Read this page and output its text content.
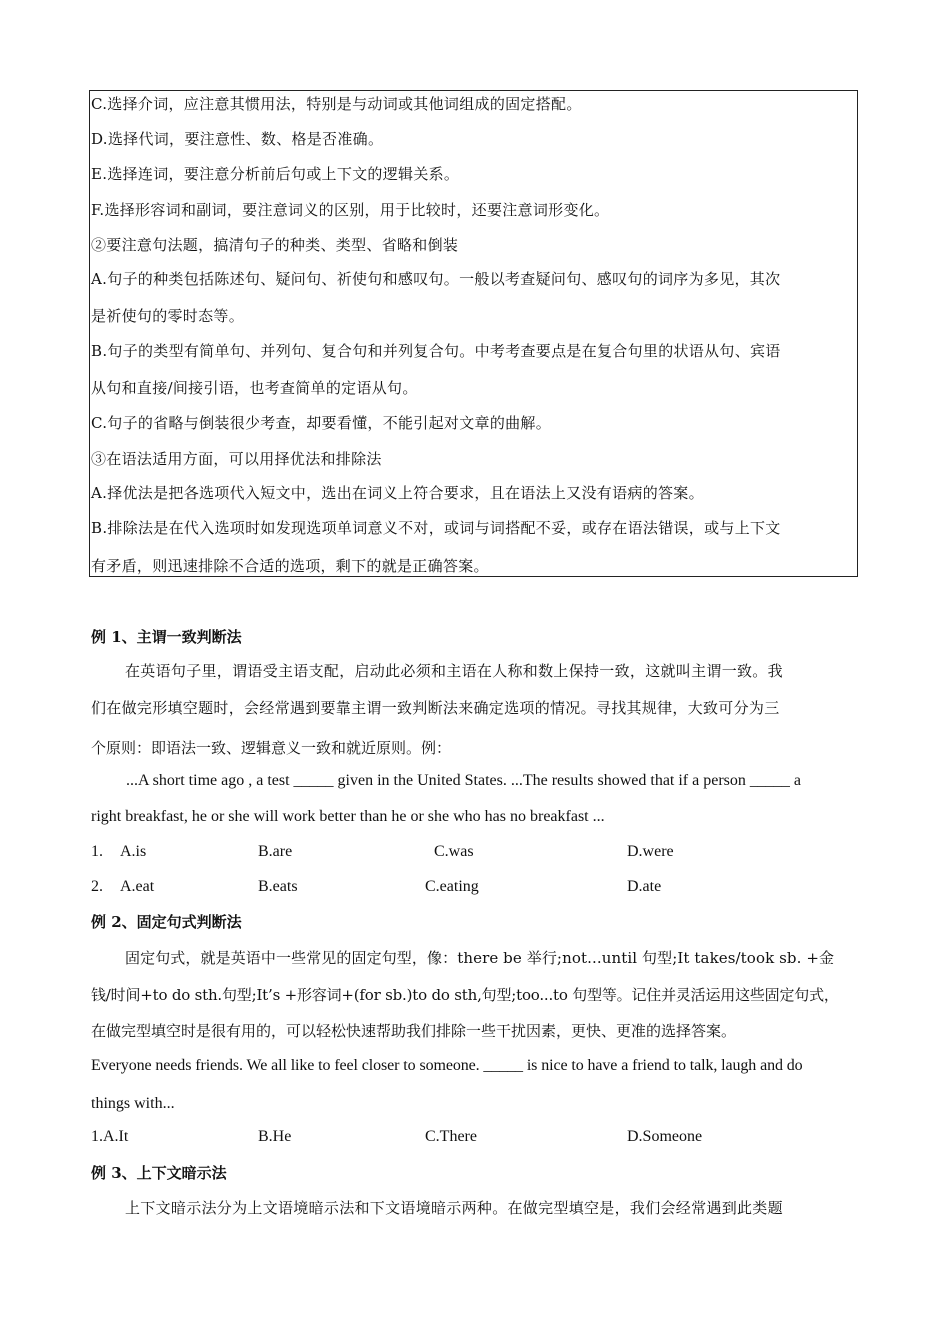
C.选择介词，应注意其惯用法，特别是与动词或其他词组成的固定搭配。
D.选择代词，要注意性、数、格是否准确。
E.选择连词，要注意分析前后句或上下文的逻辑关系。
F.选择形容词和副词，要注意词义的区别，用于比较时，还要注意词形变化。
②要注意句法题，搞清句子的种类、类型、省略和倒装
A.句子的种类包括陈述句、疑问句、祈使句和感叹句。一般以考查疑问句、感叹句的词序为多见，其次
是祈使句的零时态等。
B.句子的类型有简单句、并列句、复合句和并列复合句。中考考查要点是在复合句里的状语从句、宾语
从句和直接/间接引语，也考查简单的定语从句。
C.句子的省略与倒装很少考查，却要看懂，不能引起对文章的曲解。
③在语法适用方面，可以用择优法和排除法
A.择优法是把各选项代入短文中，选出在词义上符合要求，且在语法上又没有语病的答案。
B.排除法是在代入选项时如发现选项单词意义不对，或词与词搭配不妥，或存在语法错误，或与上下文
有矛盾，则迅速排除不合适的选项，剩下的就是正确答案。
例 1、主谓一致判断法
在英语句子里，谓语受主语支配，启动此必须和主语在人称和数上保持一致，这就叫主谓一致。我
们在做完形填空题时，会经常遇到要靠主谓一致判断法来确定选项的情况。寻找其规律，大致可分为三
个原则：即语法一致、逻辑意义一致和就近原则。例：
...A short time ago , a test _____ given in the United States. ...The results showed that if a person _____ a
right breakfast, he or she will work better than he or she who has no breakfast ...
1. A.is	B.are	C.was	D.were
2. A.eat	B.eats	C.eating	D.ate
例 2、固定句式判断法
固定句式，就是英语中一些常见的固定句型，像：there be 举行;not...until 句型;It takes/took sb. +金
钱/时间+to do sth.句型;It’s +形容词+(for sb.)to do sth,句型;too...to 句型等。记住并灵活运用这些固定句式，
在做完型填空时是很有用的，可以轻松快速帮助我们排除一些干扰因素，更快、更准的选择答案。
Everyone needs friends. We all like to feel closer to someone. _____ is nice to have a friend to talk, laugh and do
things with...
1.A.It	B.He	C.There	D.Someone
例 3、上下文暗示法
上下文暗示法分为上文语境暗示法和下文语境暗示两种。在做完型填空是，我们会经常遇到此类题
